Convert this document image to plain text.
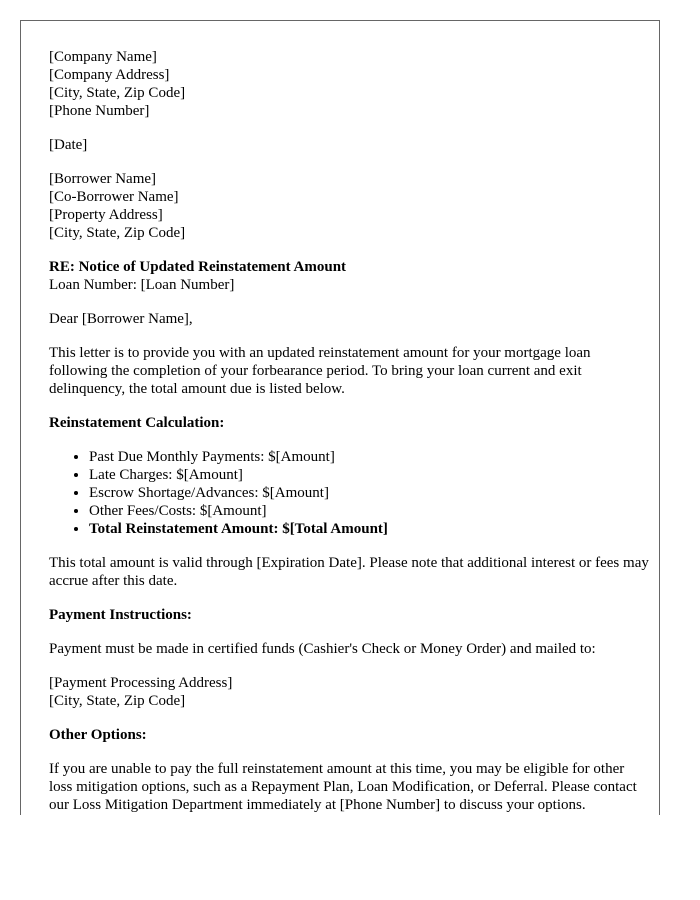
[Company Name]
[Company Address]
[City, State, Zip Code]
[Phone Number]

[Date]

[Borrower Name]
[Co-Borrower Name]
[Property Address]
[City, State, Zip Code]

RE: Notice of Updated Reinstatement Amount
Loan Number: [Loan Number]

Dear [Borrower Name],

This letter is to provide you with an updated reinstatement amount for your mortgage loan following the completion of your forbearance period. To bring your loan current and exit delinquency, the total amount due is listed below.

Reinstatement Calculation:

• Past Due Monthly Payments: $[Amount]
• Late Charges: $[Amount]
• Escrow Shortage/Advances: $[Amount]
• Other Fees/Costs: $[Amount]
• Total Reinstatement Amount: $[Total Amount]

This total amount is valid through [Expiration Date]. Please note that additional interest or fees may accrue after this date.

Payment Instructions:

Payment must be made in certified funds (Cashier's Check or Money Order) and mailed to:

[Payment Processing Address]
[City, State, Zip Code]

Other Options:

If you are unable to pay the full reinstatement amount at this time, you may be eligible for other loss mitigation options, such as a Repayment Plan, Loan Modification, or Deferral. Please contact our Loss Mitigation Department immediately at [Phone Number] to discuss your options.
